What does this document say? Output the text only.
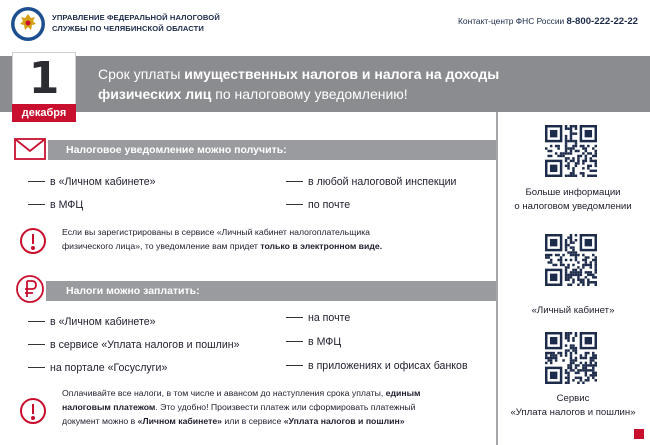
УПРАВЛЕНИЕ ФЕДЕРАЛЬНОЙ НАЛОГОВОЙ
СЛУЖБЫ ПО ЧЕЛЯБИНСКОЙ ОБЛАСТИ
Контакт-центр ФНС России 8-800-222-22-22
1
декабря
Срок уплаты имущественных налогов и налога на доходы физических лиц по налоговому уведомлению!
Налоговое уведомление можно получить:
в «Личном кабинете»
в МФЦ
в любой налоговой инспекции
по почте
Если вы зарегистрированы в сервисе «Личный кабинет налогоплательщика
физического лица», то уведомление вам придет только в электронном виде.
Налоги можно заплатить:
в «Личном кабинете»
в сервисе «Уплата налогов и пошлин»
на портале «Госуслуги»
на почте
в МФЦ
в приложениях и офисах банков
Оплачивайте все налоги, в том числе и авансом до наступления срока уплаты, единым
налоговым платежом. Это удобно! Произвести платеж или сформировать платежный
документ можно в «Личном кабинете» или в сервисе «Уплата налогов и пошлин»
Больше информации
о налоговом уведомлении
«Личный кабинет»
Сервис
«Уплата налогов и пошлин»
